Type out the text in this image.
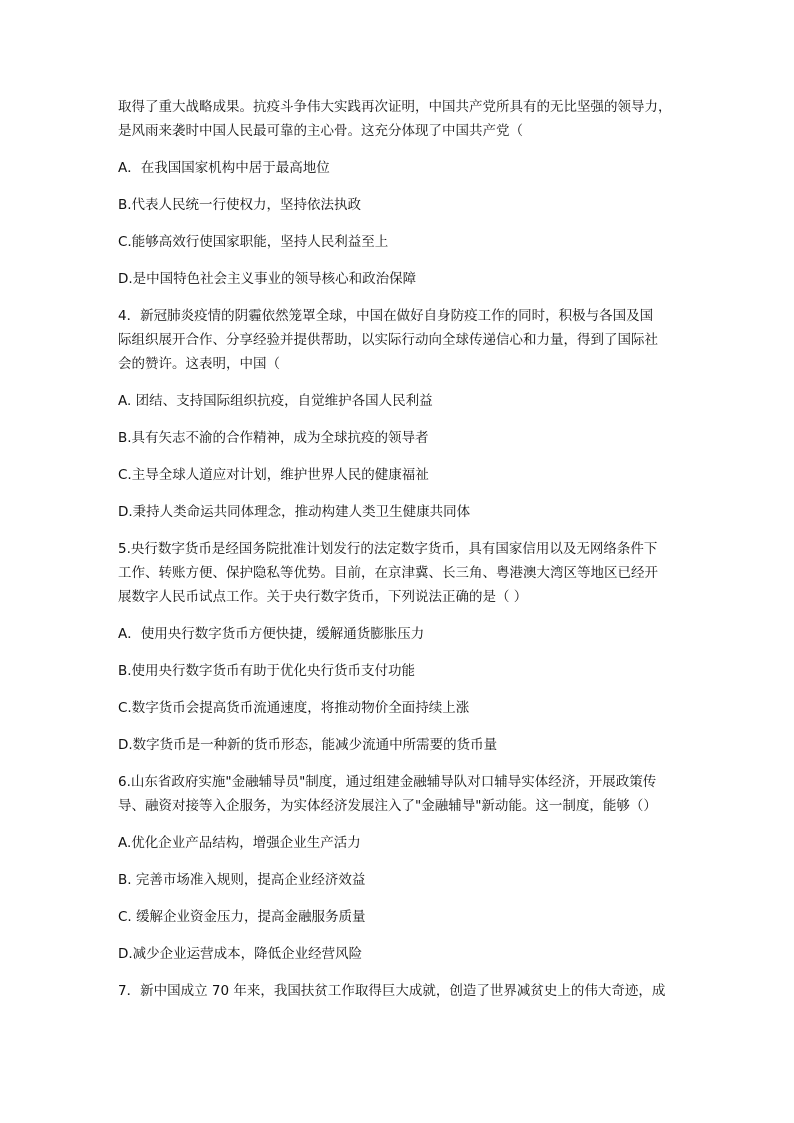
取得了重大战略成果。抗疫斗争伟大实践再次证明，中国共产党所具有的无比坚强的领导力，
是风雨来袭时中国人民最可靠的主心骨。这充分体现了中国共产党（
A．在我国国家机构中居于最高地位
B.代表人民统一行使权力，坚持依法执政
C.能够高效行使国家职能，坚持人民利益至上
D.是中国特色社会主义事业的领导核心和政治保障
4．新冠肺炎疫情的阴霾依然笼罩全球，中国在做好自身防疫工作的同时，积极与各国及国
际组织展开合作、分享经验并提供帮助，以实际行动向全球传递信心和力量，得到了国际社
会的赞许。这表明，中国（
A. 团结、支持国际组织抗疫，自觉维护各国人民利益
B.具有矢志不渝的合作精神，成为全球抗疫的领导者
C.主导全球人道应对计划，维护世界人民的健康福祉
D.秉持人类命运共同体理念，推动构建人类卫生健康共同体
5.央行数字货币是经国务院批准计划发行的法定数字货币，具有国家信用以及无网络条件下
工作、转账方便、保护隐私等优势。目前，在京津冀、长三角、粤港澳大湾区等地区已经开
展数字人民币试点工作。关于央行数字货币，下列说法正确的是（ ）
A．使用央行数字货币方便快捷，缓解通货膨胀压力
B.使用央行数字货币有助于优化央行货币支付功能
C.数字货币会提高货币流通速度，将推动物价全面持续上涨
D.数字货币是一种新的货币形态，能减少流通中所需要的货币量
6.山东省政府实施"金融辅导员"制度，通过组建金融辅导队对口辅导实体经济，开展政策传
导、融资对接等入企服务，为实体经济发展注入了"金融辅导"新动能。这一制度，能够（）
A.优化企业产品结构，增强企业生产活力
B. 完善市场准入规则，提高企业经济效益
C. 缓解企业资金压力，提高金融服务质量
D.减少企业运营成本，降低企业经营风险
7．新中国成立 70 年来，我国扶贫工作取得巨大成就，创造了世界减贫史上的伟大奇迹，成
